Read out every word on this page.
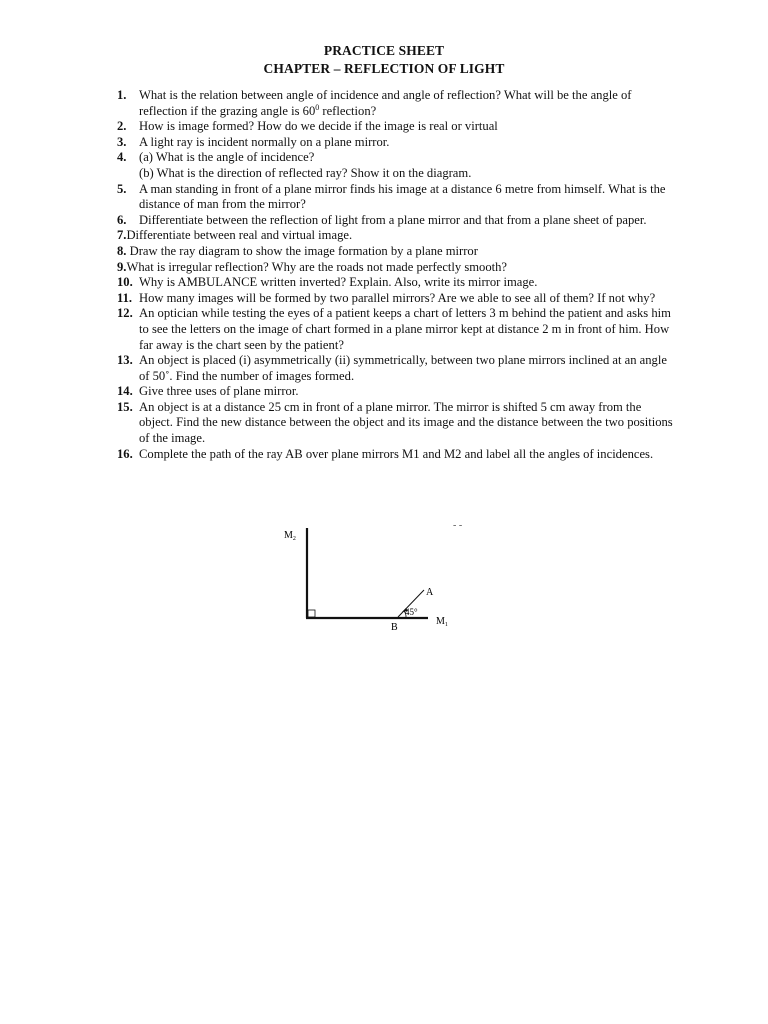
PRACTICE SHEET
CHAPTER – REFLECTION OF LIGHT
1. What is the relation between angle of incidence and angle of reflection? What will be the angle of reflection if the grazing angle is $60^0$ reflection?
2. How is image formed? How do we decide if the image is real or virtual
3. A light ray is incident normally on a plane mirror.
4. (a) What is the angle of incidence?
(b) What is the direction of reflected ray? Show it on the diagram.
5. A man standing in front of a plane mirror finds his image at a distance 6 metre from himself. What is the distance of man from the mirror?
6. Differentiate between the reflection of light from a plane mirror and that from a plane sheet of paper.
7.Differentiate between real and virtual image.
8. Draw the ray diagram to show the image formation by a plane mirror
9.What is irregular reflection? Why are the roads not made perfectly smooth?
10. Why is AMBULANCE written inverted? Explain. Also, write its mirror image.
11. How many images will be formed by two parallel mirrors? Are we able to see all of them? If not why?
12. An optician while testing the eyes of a patient keeps a chart of letters 3 m behind the patient and asks him to see the letters on the image of chart formed in a plane mirror kept at distance 2 m in front of him. How far away is the chart seen by the patient?
13. An object is placed (i) asymmetrically (ii) symmetrically, between two plane mirrors inclined at an angle of 50˚. Find the number of images formed.
14. Give three uses of plane mirror.
15. An object is at a distance 25 cm in front of a plane mirror. The mirror is shifted 5 cm away from the object. Find the new distance between the object and its image and the distance between the two positions of the image.
16. Complete the path of the ray AB over plane mirrors M1 and M2 and label all the angles of incidences.
- -
$M_2$
$M_1$
A
B
45°
